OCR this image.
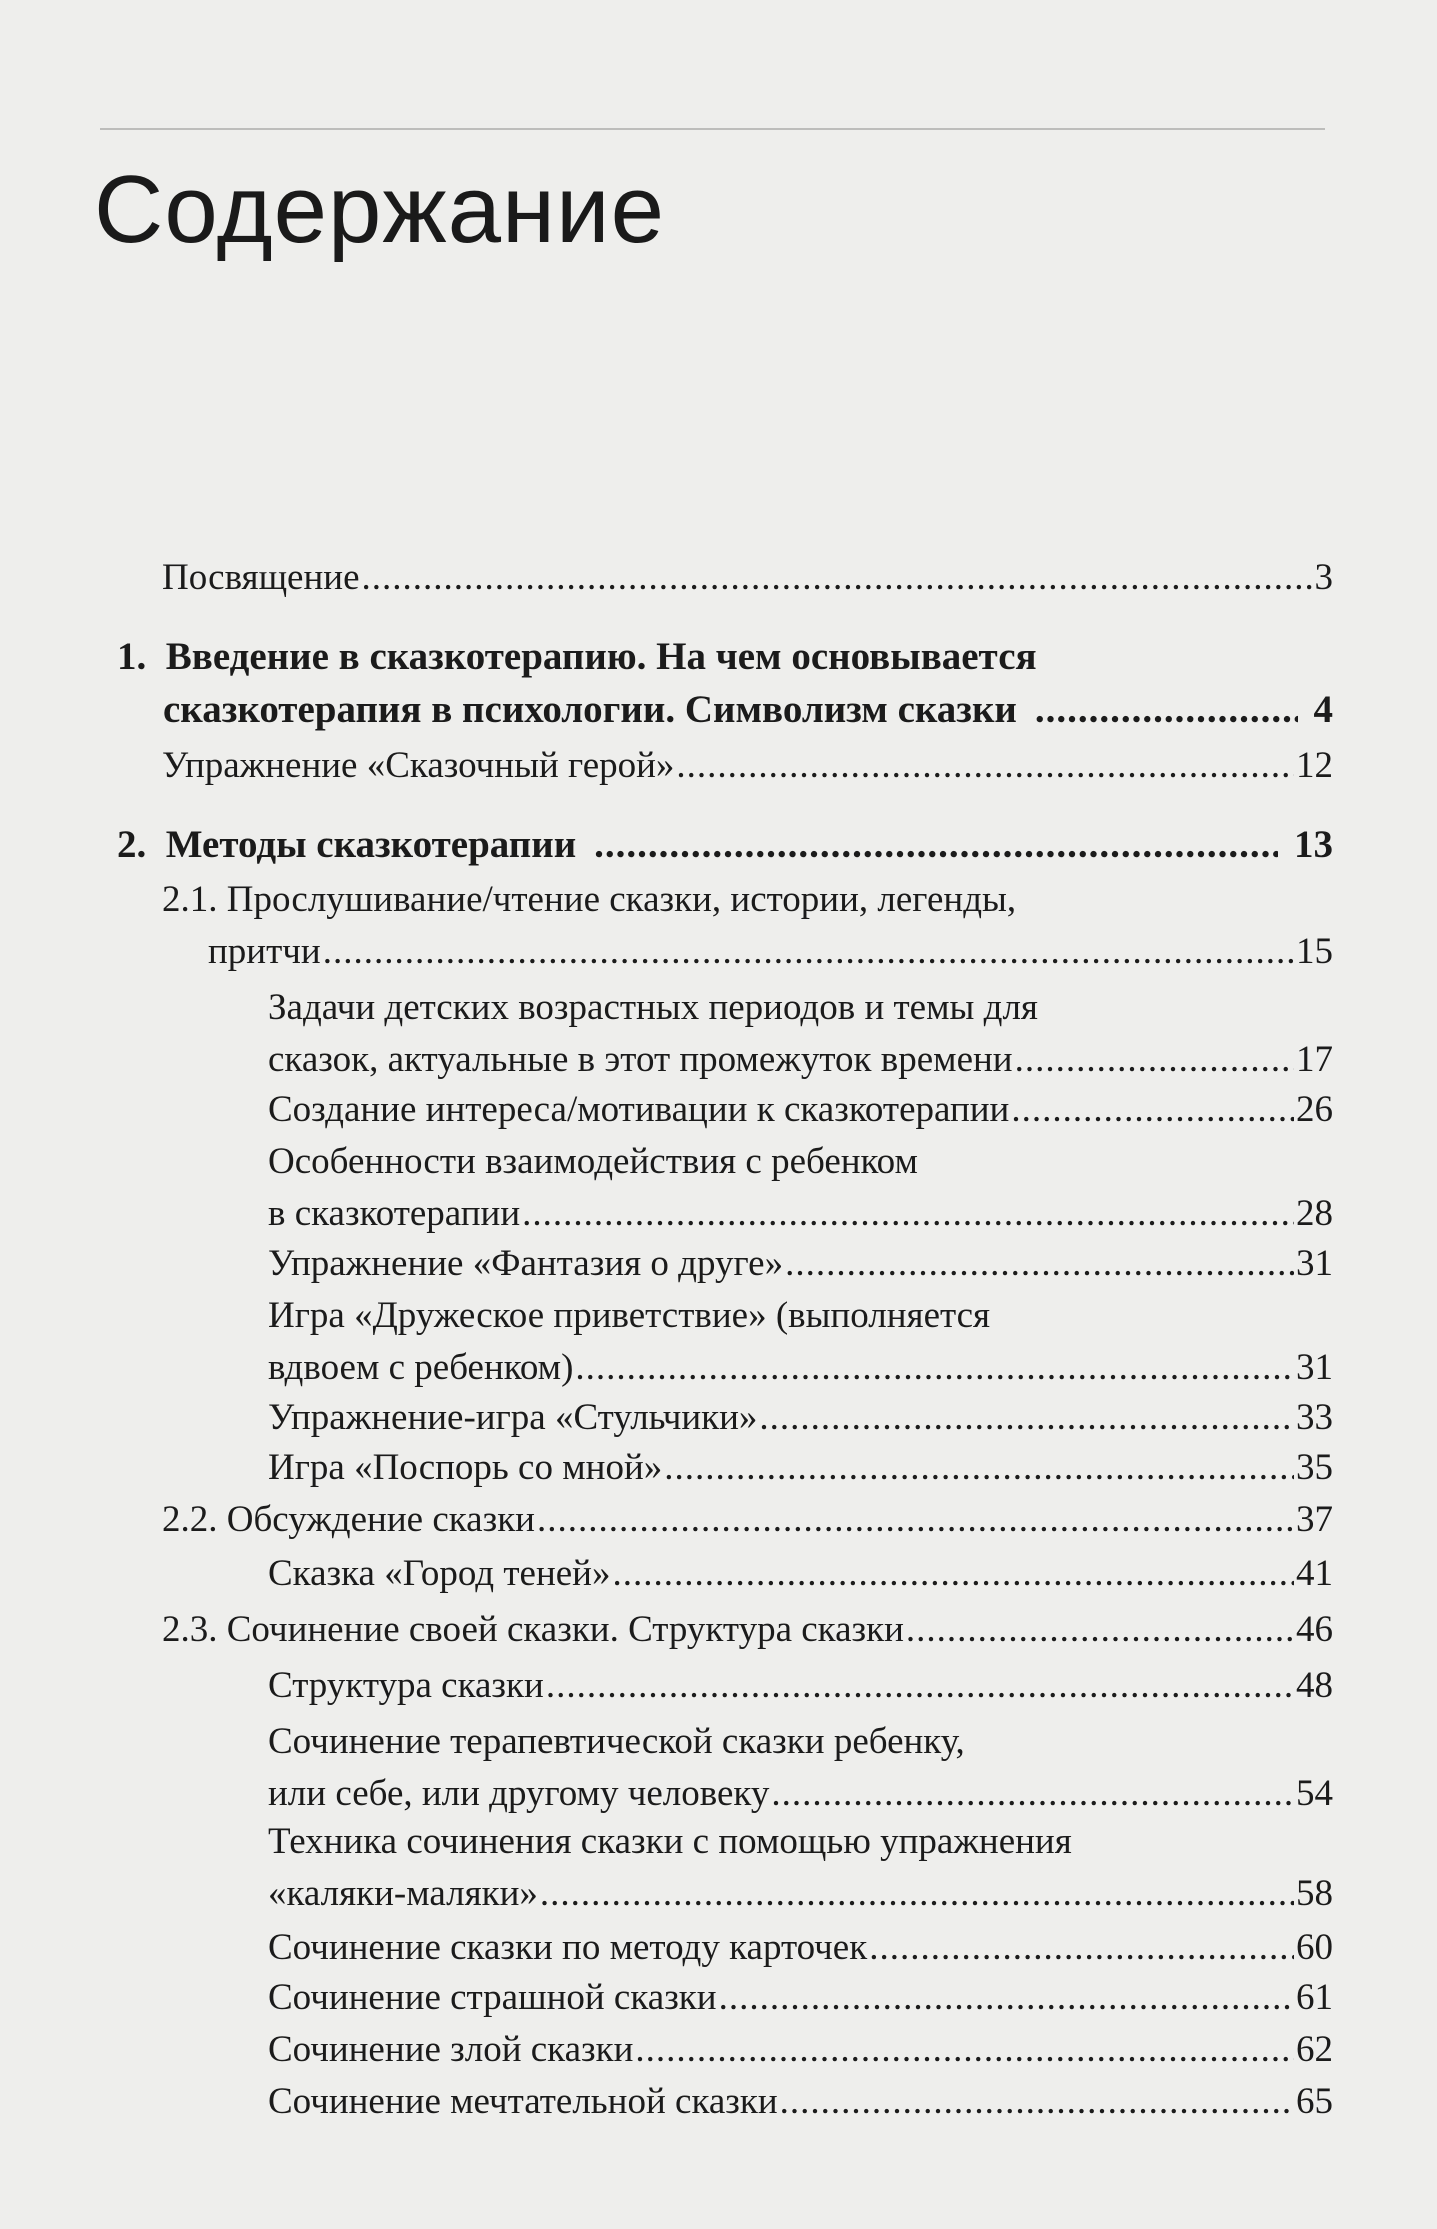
Содержание
Посвящение .....	3
1. Введение в сказкотерапию. На чем основывается
сказкотерапия в психологии. Символизм сказки .....	4
Упражнение «Сказочный герой» .....	12
2. Методы сказкотерапии .....	13
2.1. Прослушивание/чтение сказки, истории, легенды,
притчи .....	15
Задачи детских возрастных периодов и темы для
сказок, актуальные в этот промежуток времени .....	17
Создание интереса/мотивации к сказкотерапии .....	26
Особенности взаимодействия с ребенком
в сказкотерапии .....	28
Упражнение «Фантазия о друге» .....	31
Игра «Дружеское приветствие» (выполняется
вдвоем с ребенком) .....	31
Упражнение-игра «Стульчики» .....	33
Игра «Поспорь со мной» .....	35
2.2. Обсуждение сказки .....	37
Сказка «Город теней» .....	41
2.3. Сочинение своей сказки. Структура сказки .....	46
Структура сказки .....	48
Сочинение терапевтической сказки ребенку,
или себе, или другому человеку .....	54
Техника сочинения сказки с помощью упражнения
«каляки-маляки» .....	58
Сочинение сказки по методу карточек .....	60
Сочинение страшной сказки .....	61
Сочинение злой сказки .....	62
Сочинение мечтательной сказки .....	65
